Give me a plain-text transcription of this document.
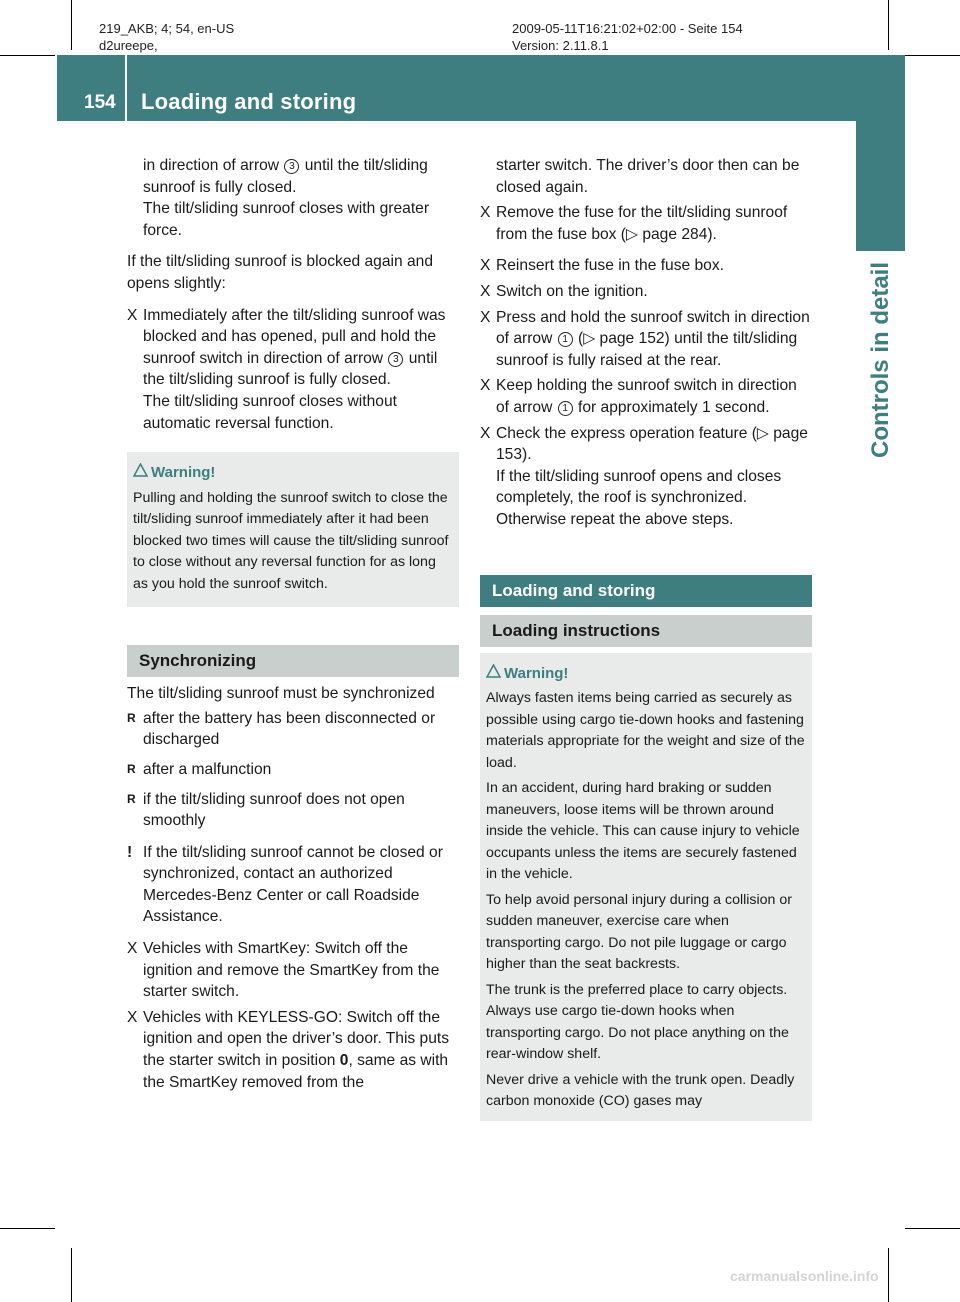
219_AKB; 4; 54, en-US
d2ureepe,
2009-05-11T16:21:02+02:00 - Seite 154
Version: 2.11.8.1
154 Loading and storing
Controls in detail

in direction of arrow 3 until the tilt/sliding sunroof is fully closed.

The tilt/sliding sunroof closes with greater force.

If the tilt/sliding sunroof is blocked again and opens slightly:

X Immediately after the tilt/sliding sunroof was blocked and has opened, pull and hold the sunroof switch in direction of arrow 3 until the tilt/sliding sunroof is fully closed.

The tilt/sliding sunroof closes without automatic reversal function.

Warning!

Pulling and holding the sunroof switch to close the tilt/sliding sunroof immediately after it had been blocked two times will cause the tilt/sliding sunroof to close without any reversal function for as long as you hold the sunroof switch.

Synchronizing

The tilt/sliding sunroof must be synchronized

R after the battery has been disconnected or discharged

R after a malfunction

R if the tilt/sliding sunroof does not open smoothly

! If the tilt/sliding sunroof cannot be closed or synchronized, contact an authorized Mercedes-Benz Center or call Roadside Assistance.

X Vehicles with SmartKey: Switch off the ignition and remove the SmartKey from the starter switch.

X Vehicles with KEYLESS-GO: Switch off the ignition and open the driver’s door. This puts the starter switch in position 0, same as with the SmartKey removed from the

starter switch. The driver’s door then can be closed again.

X Remove the fuse for the tilt/sliding sunroof from the fuse box (▷ page 284).

X Reinsert the fuse in the fuse box.

X Switch on the ignition.

X Press and hold the sunroof switch in direction of arrow 1 (▷ page 152) until the tilt/sliding sunroof is fully raised at the rear.

X Keep holding the sunroof switch in direction of arrow 1 for approximately 1 second.

X Check the express operation feature (▷ page 153).

If the tilt/sliding sunroof opens and closes completely, the roof is synchronized. Otherwise repeat the above steps.

Loading and storing
Loading instructions
Warning!

Always fasten items being carried as securely as possible using cargo tie-down hooks and fastening materials appropriate for the weight and size of the load.

In an accident, during hard braking or sudden maneuvers, loose items will be thrown around inside the vehicle. This can cause injury to vehicle occupants unless the items are securely fastened in the vehicle.

To help avoid personal injury during a collision or sudden maneuver, exercise care when transporting cargo. Do not pile luggage or cargo higher than the seat backrests.

The trunk is the preferred place to carry objects. Always use cargo tie-down hooks when transporting cargo. Do not place anything on the rear-window shelf.

Never drive a vehicle with the trunk open. Deadly carbon monoxide (CO) gases may

carmanualsonline.info
